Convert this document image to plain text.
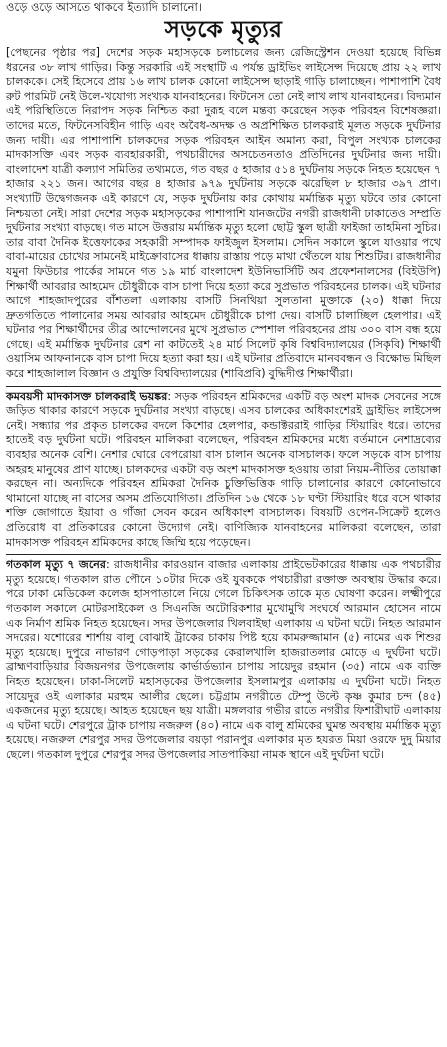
ওড়ে ওড়ে আসতে থাকবে ইত্যাদি চালানো।

সড়কে মৃত্যুর

[পেছনের পৃষ্ঠার পর] দেশের সড়ক মহাসড়কে চলাচলের জন্য রেজিস্ট্রেশন দেওয়া হয়েছে বিভিন্ন ধরনের ৩৮ লাখ গাড়ির। কিন্তু সরকারি এই সংস্থাটি এ পর্যন্ত ড্রাইভিং লাইসেন্স দিয়েছে প্রায় ২২ লাখ চালককে। সেই হিসেবে প্রায় ১৬ লাখ চালক কোনো লাইসেন্স ছাড়াই গাড়ি চালাচ্ছেন। পাশাপাশি বৈধ রুট পারমিট নেই উলে-খযোগ্য সংখ্যক যানবাহনের। ফিটনেস তো নেই লাখ লাখ যানবাহনের। বিদ্যমান এই পরিস্থিতিতে নিরাপদ সড়ক নিশ্চিত করা দুরূহ বলে মন্তব্য করেছেন সড়ক পরিবহন বিশেষজ্ঞরা। তাদের মতে, ফিটনেসবিহীন গাড়ি এবং অবৈধ-অদক্ষ ও অপ্রশিক্ষিত চালকরাই মূলত সড়কে দুর্ঘটনার জন্য দায়ী। এর পাশাপাশি চালকদের সড়ক পরিবহন আইন অমান্য করা, বিপুল সংখ্যক চালকের মাদকাসক্তি এবং সড়ক ব্যবহারকারী, পথচারীদের অসচেতনতাও প্রতিদিনের দুর্ঘটনার জন্য দায়ী। বাংলাদেশ যাত্রী কল্যাণ সমিতির তথ্যমতে, গত বছর ৫ হাজার ৫১৪ দুর্ঘটনায় সড়কে নিহত হয়েছেন ৭ হাজার ২২১ জন। আগের বছর ৪ হাজার ৯৭৯ দুর্ঘটনায় সড়কে ঝরেছিল ৮ হাজার ৩৯৭ প্রাণ। সংখ্যাটি উদ্বেগজনক এই কারণে যে, সড়ক দুর্ঘটনায় কার কোথায় মর্মান্তিক মৃত্যু ঘটবে তার কোনো নিশ্চয়তা নেই। সারা দেশের সড়ক মহাসড়কের পাশাপাশি যানজটের নগরী রাজধানী ঢাকাতেও সম্প্রতি দুর্ঘটনার সংখ্যা বাড়ছে। গত মাসে উত্তরায় মর্মান্তিক মৃত্যু হলো ছোট্ট স্কুল ছাত্রী ফাইজা তাহমিনা সুচির। তার বাবা দৈনিক ইত্তেফাকের সহকারী সম্পাদক ফাইজুল ইসলাম। সেদিন সকালে স্কুলে যাওয়ার পথে বাবা-মায়ের চোখের সামনেই মাইক্রোবাসের ধাক্কায় রাস্তায় পড়ে মাথা থেঁতলে যায় শিশুটির। রাজধানীর যমুনা ফিউচার পার্কের সামনে গত ১৯ মার্চ বাংলাদেশ ইউনিভার্সিটি অব প্রফেশনালসের (বিইউপি) শিক্ষার্থী আবরার আহমেদ চৌধুরীকে বাস চাপা দিয়ে হত্যা করে সুপ্রভাত পরিবহনের চালক। এই ঘটনার আগে শাহজাদপুরের বাঁশতলা এলাকায় বাসটি সিনথিয়া সুলতানা মুক্তাকে (২০) ধাক্কা দিয়ে দ্রুতগতিতে পালানোর সময় আবরার আহমেদ চৌধুরীকে চাপা দেয়। বাসটি চালাচ্ছিল হেলপার। এই ঘটনার পর শিক্ষার্থীদের তীব্র আন্দোলনের মুখে সুপ্রভাত স্পেশাল পরিবহনের প্রায় ৩০০ বাস বন্ধ হয়ে গেছে। এই মর্মান্তিক দুর্ঘটনার রেশ না কাটতেই ২৪ মার্চ সিলেট কৃষি বিশ্ববিদ্যালয়ের (সিকৃবি) শিক্ষার্থী ওয়াসিম আফনানকে বাস চাপা দিয়ে হত্যা করা হয়। এই ঘটনার প্রতিবাদে মানববন্ধন ও বিক্ষোভ মিছিল করে শাহজালাল বিজ্ঞান ও প্রযুক্তি বিশ্ববিদ্যালয়ের (শাবিপ্রবি) বুদ্ধিদীপ্ত শিক্ষার্থীরা।

কমবয়সী মাদকাসক্ত চালকরাই ভয়ঙ্কর: সড়ক পরিবহন শ্রমিকদের একটি বড় অংশ মাদক সেবনের সঙ্গে জড়িত থাকার কারণে সড়কে দুর্ঘটনার সংখ্যা বাড়ছে। এসব চালকের অধিকাংশেরই ড্রাইভিং লাইসেন্স নেই। সন্ধ্যার পর প্রকৃত চালকের বদলে কিশোর হেলপার, কন্ডাক্টররাই গাড়ির স্টিয়ারিং ধরে। তাদের হাতেই বড় দুর্ঘটনা ঘটে। পরিবহন মালিকরা বলেছেন, পরিবহন শ্রমিকদের মধ্যে বর্তমানে নেশাদ্রব্যের ব্যবহার অনেক বেশি। নেশার ঘোরে বেপরোয়া বাস চালান অনেক বাসচালক। ফলে সড়কে বাস চাপায় অহরহ মানুষের প্রাণ যাচ্ছে। চালকদের একটা বড় অংশ মাদকাসক্ত হওয়ায় তারা নিয়ম-নীতির তোয়াক্কা করছেন না। অন্যদিকে পরিবহন শ্রমিকরা দৈনিক চুক্তিভিত্তিক গাড়ি চালানোর কারণে কোনোভাবে থামানো যাচ্ছে না বাসের অসম প্রতিযোগিতা। প্রতিদিন ১৬ থেকে ১৮ ঘণ্টা স্টিয়ারিং ধরে বসে থাকার শক্তি জোগাতে ইয়াবা ও গাঁজা সেবন করেন অধিকাংশ বাসচালক। বিষয়টি ওপেন-সিক্রেট হলেও প্রতিরোধ বা প্রতিকারের কোনো উদ্যোগ নেই। বাণিজ্যিক যানবাহনের মালিকরা বলেছেন, তারা মাদকাসক্ত পরিবহন শ্রমিকদের কাছে জিম্মি হয়ে পড়েছেন।

গতকাল মৃত্যু ৭ জনের: রাজধানীর কারওয়ান বাজার এলাকায় প্রাইভেটকারের ধাক্কায় এক পথচারীর মৃত্যু হয়েছে। গতকাল রাত পৌনে ১০টার দিকে ওই যুবককে পথচারীরা রক্তাক্ত অবস্থায় উদ্ধার করে। পরে ঢাকা মেডিকেল কলেজ হাসপাতালে নিয়ে গেলে চিকিৎসক তাকে মৃত ঘোষণা করেন। লক্ষ্মীপুরে গতকাল সকালে মোটরসাইকেল ও সিএনজি অটোরিকশার মুখোমুখি সংঘর্ষে আরমান হোসেন নামে এক নির্মাণ শ্রমিক নিহত হয়েছেন। সদর উপজেলার খিলবাইছা এলাকায় এ ঘটনা ঘটে। নিহত আরমান সদরের। যশোরের শার্শায় বালু বোঝাই ট্রাকের চাকায় পিষ্ট হয়ে কামরুজ্জামান (৫) নামের এক শিশুর মৃত্যু হয়েছে। দুপুরে নাভারণ গোড়পাড়া সড়কের কেরালখালি হাজরাতলার মোড়ে এ দুর্ঘটনা ঘটে। ব্রাহ্মণবাড়িয়ার বিজয়নগর উপজেলায় কার্ভার্ডভ্যান চাপায় সায়েদুর রহমান (৩৫) নামে এক ব্যক্তি নিহত হয়েছেন। ঢাকা-সিলেট মহাসড়কের উপজেলার ইসলামপুর এলাকায় এ দুর্ঘটনা ঘটে। নিহত সায়েদুর ওই এলাকার মরহুম আলীর ছেলে। চট্টগ্রাম নগরীতে টেম্পু উল্টে কৃষ্ণ কুমার চন্দ (৪৫) একজনের মৃত্যু হয়েছে। আহত হয়েছেন ছয় যাত্রী। মঙ্গলবার গভীর রাতে নগরীর ফিশারীঘাট এলাকায় এ ঘটনা ঘটে। শেরপুরে ট্রাক চাপায় নজরুল (৪০) নামে এক বালু শ্রমিকের ঘুমন্ত অবস্থায় মর্মান্তিক মৃত্যু হয়েছে। নজরুল শেরপুর সদর উপজেলার বয়ড়া পরানপুর এলাকার মৃত হযরত মিয়া ওরফে দুদু মিয়ার ছেলে। গতকাল দুপুরে শেরপুর সদর উপজেলার সাতপাকিয়া নামক স্থানে এই দুর্ঘটনা ঘটে।
